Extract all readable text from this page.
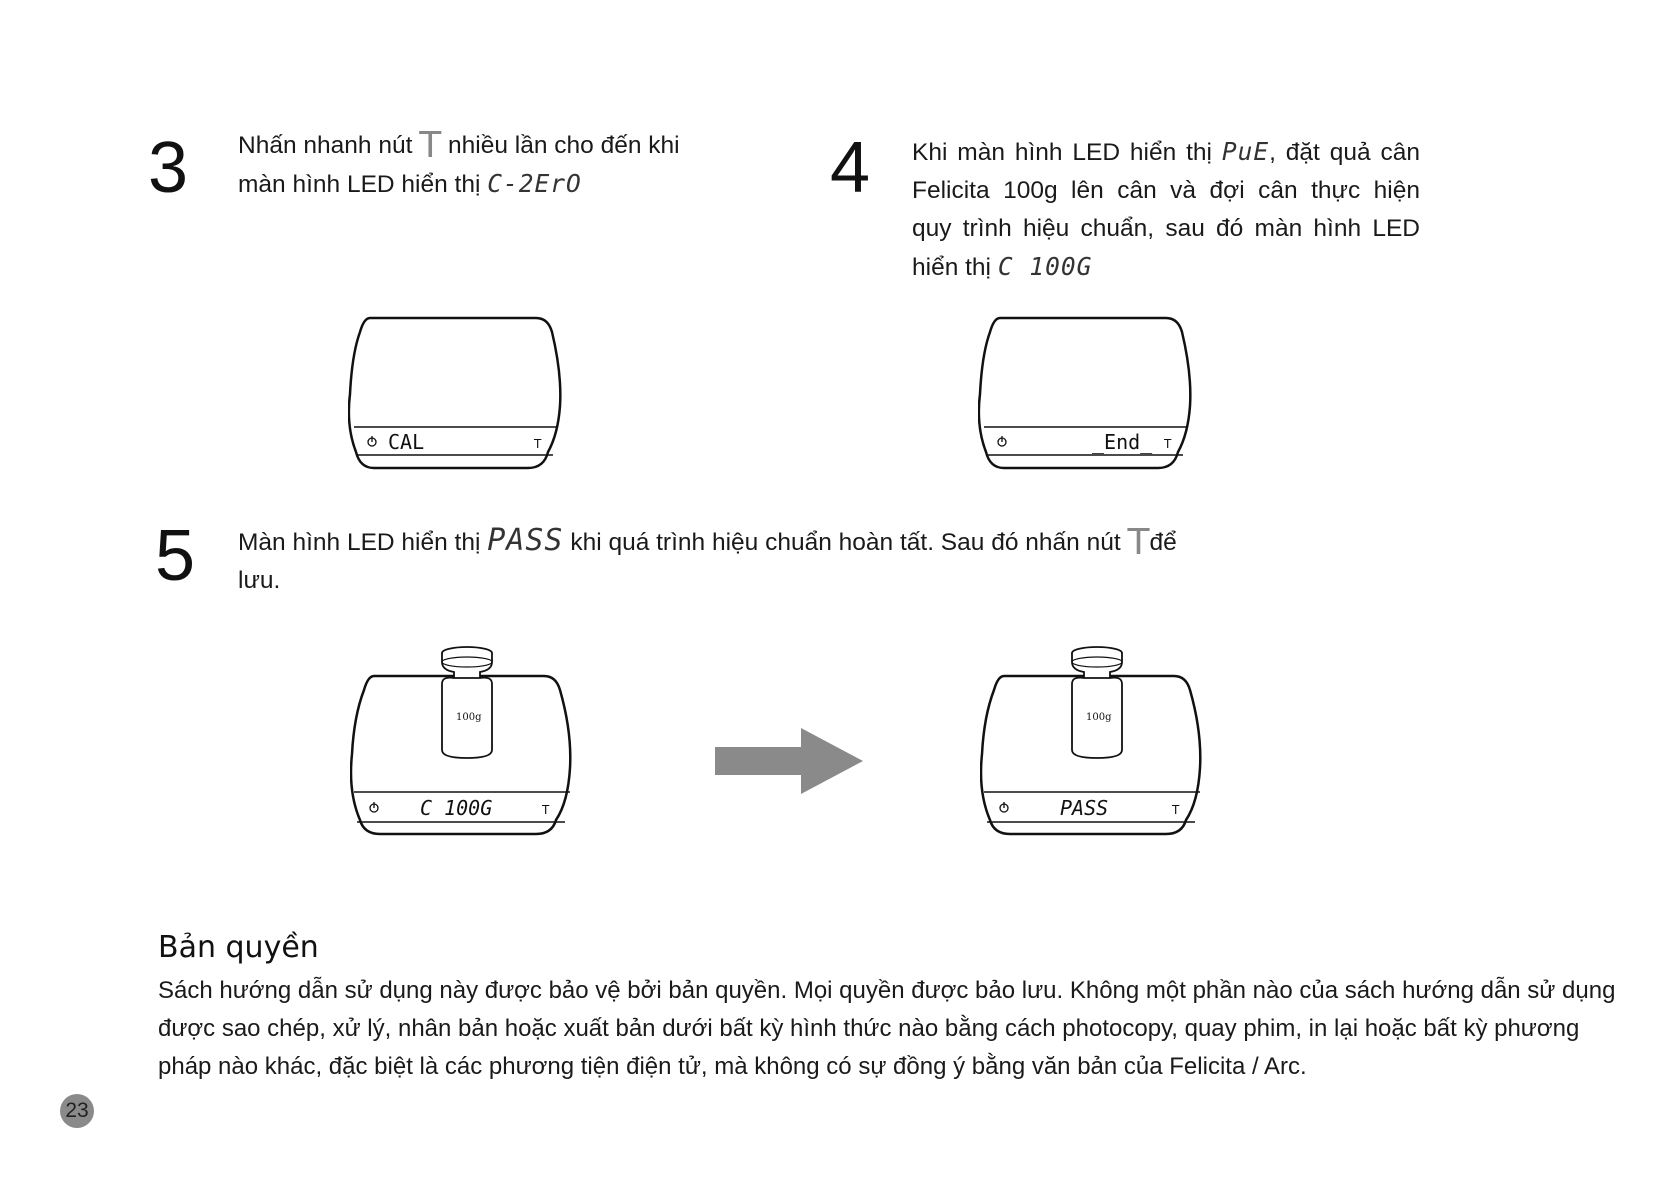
3 Nhấn nhanh nút T nhiều lần cho đến khi
màn hình LED hiển thị C-2ErO	4 Khi màn hình LED hiển thị PuE, đặt quả cân
Felicita 100g lên cân và đợi cân thực hiện
quy trình hiệu chuẩn, sau đó màn hình LED
hiển thị C 100G
CAL	T	_End_ T
5 Màn hình LED hiển thị PASS khi quá trình hiệu chuẩn hoàn tất. Sau đó nhấn nút Tđể
lưu.
100g
C 100G	T
100g
PASS	T
Bản quyền
Sách hướng dẫn sử dụng này được bảo vệ bởi bản quyền. Mọi quyền được bảo lưu. Không một phần nào của sách hướng dẫn sử dụng được sao chép, xử lý, nhân bản hoặc xuất bản dưới bất kỳ hình thức nào bằng cách photocopy, quay phim, in lại hoặc bất kỳ phương pháp nào khác, đặc biệt là các phương tiện điện tử, mà không có sự đồng ý bằng văn bản của Felicita / Arc.
23
